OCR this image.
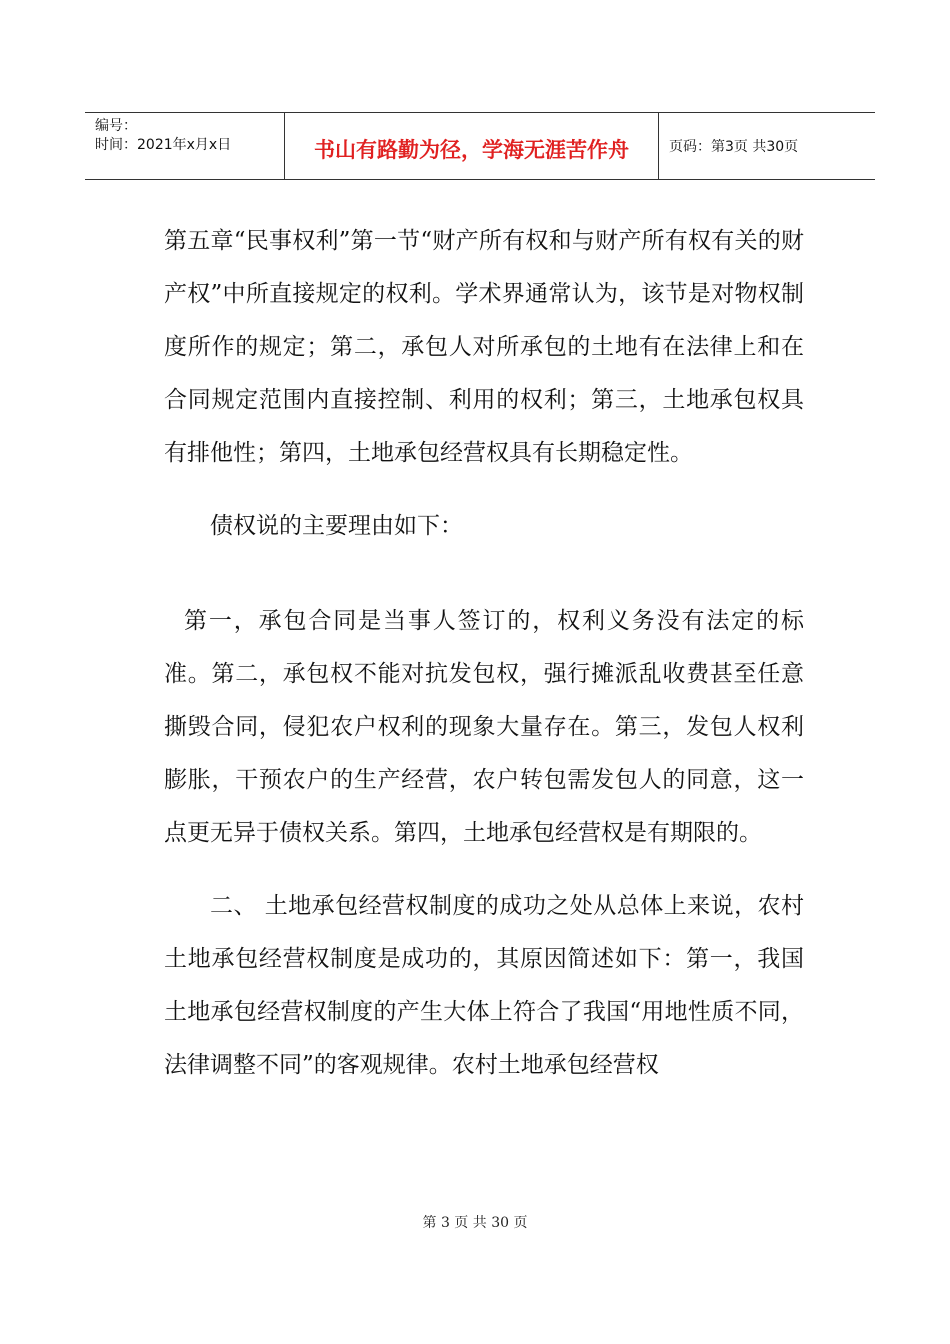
编号：
时间：2021年x月x日	书山有路勤为径，学海无涯苦作舟	页码：第3页 共30页

第五章“民事权利”第一节“财产所有权和与财产所有权有关的财产权”中所直接规定的权利。学术界通常认为，该节是对物权制度所作的规定；第二，承包人对所承包的土地有在法律上和在合同规定范围内直接控制、利用的权利；第三，土地承包权具有排他性；第四，土地承包经营权具有长期稳定性。

债权说的主要理由如下：

第一，承包合同是当事人签订的，权利义务没有法定的标准。第二，承包权不能对抗发包权，强行摊派乱收费甚至任意撕毁合同，侵犯农户权利的现象大量存在。第三，发包人权利膨胀，干预农户的生产经营，农户转包需发包人的同意，这一点更无异于债权关系。第四，土地承包经营权是有期限的。

二、 土地承包经营权制度的成功之处从总体上来说，农村土地承包经营权制度是成功的，其原因简述如下：第一，我国土地承包经营权制度的产生大体上符合了我国“用地性质不同，法律调整不同”的客观规律。农村土地承包经营权

第 3 页 共 30 页
